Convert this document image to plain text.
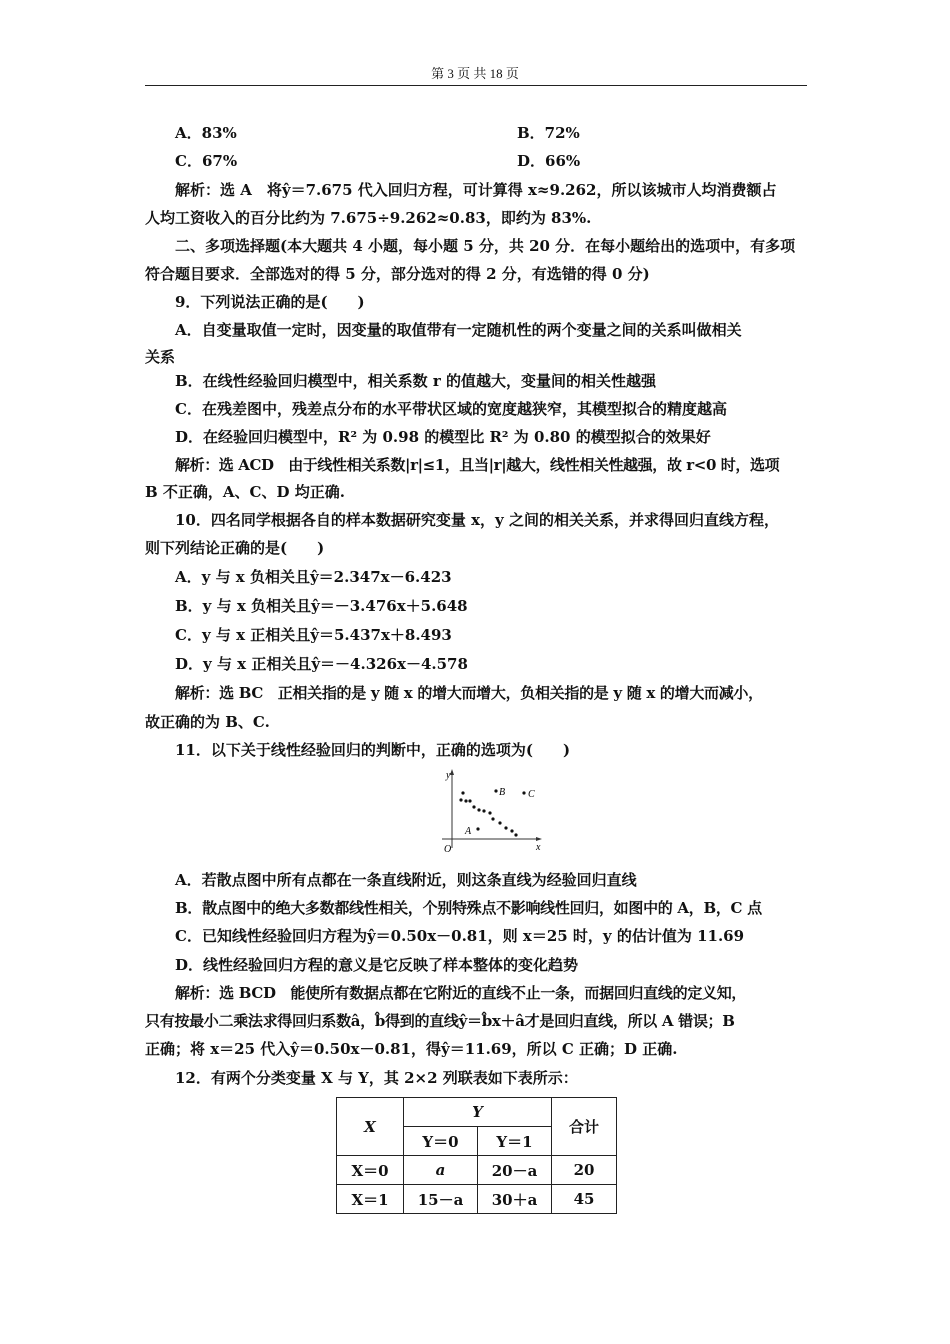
第 3 页 共 18 页
A．83%	B．72%
C．67%	D．66%
解析：选 A　将ŷ＝7.675 代入回归方程，可计算得 x≈9.262，所以该城市人均消费额占
人均工资收入的百分比约为 7.675÷9.262≈0.83，即约为 83%.
二、多项选择题(本大题共 4 小题，每小题 5 分，共 20 分．在每小题给出的选项中，有多项
符合题目要求．全部选对的得 5 分，部分选对的得 2 分，有选错的得 0 分)
9．下列说法正确的是(　　)
A．自变量取值一定时，因变量的取值带有一定随机性的两个变量之间的关系叫做相关
关系
B．在线性经验回归模型中，相关系数 r 的值越大，变量间的相关性越强
C．在残差图中，残差点分布的水平带状区域的宽度越狭窄，其模型拟合的精度越高
D．在经验回归模型中，R² 为 0.98 的模型比 R² 为 0.80 的模型拟合的效果好
解析：选 ACD　由于线性相关系数|r|≤1，且当|r|越大，线性相关性越强，故 r<0 时，选项
B 不正确，A、C、D 均正确.
10．四名同学根据各自的样本数据研究变量 x，y 之间的相关关系，并求得回归直线方程，
则下列结论正确的是(　　)
A．y 与 x 负相关且ŷ＝2.347x－6.423
B．y 与 x 负相关且ŷ＝－3.476x＋5.648
C．y 与 x 正相关且ŷ＝5.437x＋8.493
D．y 与 x 正相关且ŷ＝－4.326x－4.578
解析：选 BC　正相关指的是 y 随 x 的增大而增大，负相关指的是 y 随 x 的增大而减小，
故正确的为 B、C.
11．以下关于线性经验回归的判断中，正确的选项为(　　)
y
x
O
A
B C
A．若散点图中所有点都在一条直线附近，则这条直线为经验回归直线
B．散点图中的绝大多数都线性相关，个别特殊点不影响线性回归，如图中的 A，B，C 点
C．已知线性经验回归方程为ŷ＝0.50x－0.81，则 x＝25 时，y 的估计值为 11.69
D．线性经验回归方程的意义是它反映了样本整体的变化趋势
解析：选 BCD　能使所有数据点都在它附近的直线不止一条，而据回归直线的定义知，
只有按最小二乘法求得回归系数â，b̂得到的直线ŷ＝b̂x＋â才是回归直线，所以 A 错误；B
正确；将 x＝25 代入ŷ＝0.50x－0.81，得ŷ＝11.69，所以 C 正确；D 正确.
12．有两个分类变量 X 与 Y，其 2×2 列联表如下表所示：
X	Y		合计
	Y＝0	Y＝1	
X＝0	a	20－a	20
X＝1	15－a	30＋a	45
